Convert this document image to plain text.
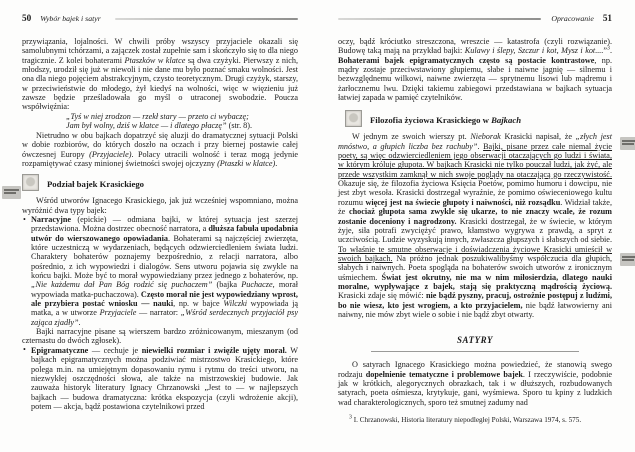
50 Wybór bajek i satyr

przywiązania, lojalności. W chwili próby wszyscy przyjaciele okazali się samolubnymi tchórzami, a zajączek został zupełnie sam i skończyło się to dla niego tragicznie. Z kolei bohaterami Ptaszków w klatce są dwa czyżyki. Pierwszy z nich, młodszy, urodził się już w niewoli i nie dane mu było poznać smaku wolności. Jest ona dla niego pojęciem abstrakcyjnym, czysto teoretycznym. Drugi czyżyk, starszy, w przeciwieństwie do młodego, żył kiedyś na wolności, więc w więzieniu już zawsze będzie prześladowała go myśl o utraconej swobodzie. Poucza współwięźnia:

„Tyś w niej zrodzon — rzekł stary — przeto ci wybaczę;
Jam był wolny, dziś w klatce — i dlatego płaczę” (str. 8).

Nietrudno w obu bajkach dopatrzyć się aluzji do dramatycznej sytuacji Polski w dobie rozbiorów, do których doszło na oczach i przy biernej postawie całej ówczesnej Europy (Przyjaciele). Polacy utracili wolność i teraz mogą jedynie rozpamiętywać czasy minionej świetności swojej ojczyzny (Ptaszki w klatce).

Podział bajek Krasickiego

Wśród utworów Ignacego Krasickiego, jak już wcześniej wspomniano, można wyróżnić dwa typy bajek:

• Narracyjne (epickie) — odmiana bajki, w której sytuacja jest szerzej przedstawiona. Można dostrzec obecność narratora, a dłuższa fabuła upodabnia utwór do wierszowanego opowiadania. Bohaterami są najczęściej zwierzęta, które uczestniczą w wydarzeniach, będących odzwierciedleniem świata ludzi. Charaktery bohaterów poznajemy bezpośrednio, z relacji narratora, albo pośrednio, z ich wypowiedzi i dialogów. Sens utworu pojawia się zwykle na końcu bajki. Może być to morał wypowiedziany przez jednego z bohaterów, np. „Nie każdemu dał Pan Bóg rodzić się puchaczem” (bajka Puchacze, morał wypowiada matka-puchaczowa). Często morał nie jest wypowiedziany wprost, ale przybiera postać wniosku — nauki, np. w bajce Wilczki wypowiada ją matka, a w utworze Przyjaciele — narrator: „Wśród serdecznych przyjaciół psy zająca zjadły”.

Bajki narracyjne pisane są wierszem bardzo zróżnicowanym, mieszanym (od czternastu do dwóch zgłosek).

• Epigramatyczne — cechuje je niewielki rozmiar i zwięźle ujęty morał. W bajkach epigramatycznych można podziwiać mistrzostwo Krasickiego, które polega m.in. na umiejętnym dopasowaniu rymu i rytmu do treści utworu, na niezwykłej oszczędności słowa, ale także na mistrzowskiej budowie. Jak zauważa historyk literatury Ignacy Chrzanowski „Jest to — w najlepszych bajkach — budowa dramatyczna: krótka ekspozycja (czyli wdrożenie akcji), potem — akcja, bądź postawiona czytelnikowi przed

Opracowanie 51

oczy, bądź króciutko streszczona, wreszcie — katastrofa (czyli rozwiązanie). Budowę taką mają na przykład bajki: Kulawy i ślepy, Szczur i kot, Mysz i kot....”$^3$. Bohaterami bajek epigramatycznych często są postacie kontrastowe, np. mądry zostaje przeciwstawiony głupiemu, słabe i naiwne jagnię — silnemu i bezwzględnemu wilkowi, naiwne zwierzęta — sprytnemu lisowi lub mądremu i żarłocznemu lwu. Dzięki takiemu zabiegowi przedstawiana w bajkach sytuacja łatwiej zapada w pamięć czytelników.

Filozofia życiowa Krasickiego w Bajkach

W jednym ze swoich wierszy pt. Nieborak Krasicki napisał, że „złych jest mnóstwo, a głupich liczba bez rachuby”. Bajki, pisane przez całe niemal życie poety, są więc odzwierciedleniem jego obserwacji otaczających go ludzi i świata, w którym króluje głupota. W bajkach Krasicki nie tylko pouczał ludzi, jak żyć, ale przede wszystkim zamknął w nich swoje poglądy na otaczającą go rzeczywistość. Okazuje się, że filozofia życiowa Księcia Poetów, pomimo humoru i dowcipu, nie jest zbyt wesoła. Krasicki dostrzegał wyraźnie, że pomimo oświeceniowego kultu rozumu więcej jest na świecie głupoty i naiwności, niż rozsądku. Widział także, że chociaż głupota sama zwykle się ukarze, to nie znaczy wcale, że rozum zostanie doceniony i nagrodzony. Krasicki dostrzegał, że w świecie, w którym żyje, siła potrafi zwyciężyć prawo, kłamstwo wygrywa z prawdą, a spryt z uczciwością. Ludzie wyzyskują innych, zwłaszcza głupszych i słabszych od siebie. To właśnie te smutne obserwacje i doświadczenia życiowe Krasicki umieścił w swoich bajkach. Na próżno jednak poszukiwalibyśmy współczucia dla głupich, słabych i naiwnych. Poeta spogląda na bohaterów swoich utworów z ironicznym uśmiechem. Świat jest okrutny, nie ma w nim miłosierdzia, dlatego nauki moralne, wypływające z bajek, stają się praktyczną mądrością życiową. Krasicki zdaje się mówić: nie bądź pyszny, pracuj, ostrożnie postępuj z ludźmi, bo nie wiesz, kto jest wrogiem, a kto przyjacielem, nie bądź łatwowierny ani naiwny, nie mów zbyt wiele o sobie i nie bądź zbyt otwarty.

SATYRY

O satyrach Ignacego Krasickiego można powiedzieć, że stanowią swego rodzaju dopełnienie tematyczne i problemowe bajek. I rzeczywiście, podobnie jak w krótkich, alegorycznych obrazkach, tak i w dłuższych, rozbudowanych satyrach, poeta ośmiesza, krytykuje, gani, wyśmiewa. Sporo tu kpiny z ludzkich wad charakterologicznych, sporo też smutnej zadumy nad

$^3$ I. Chrzanowski, Historia literatury niepodległej Polski, Warszawa 1974, s. 575.
